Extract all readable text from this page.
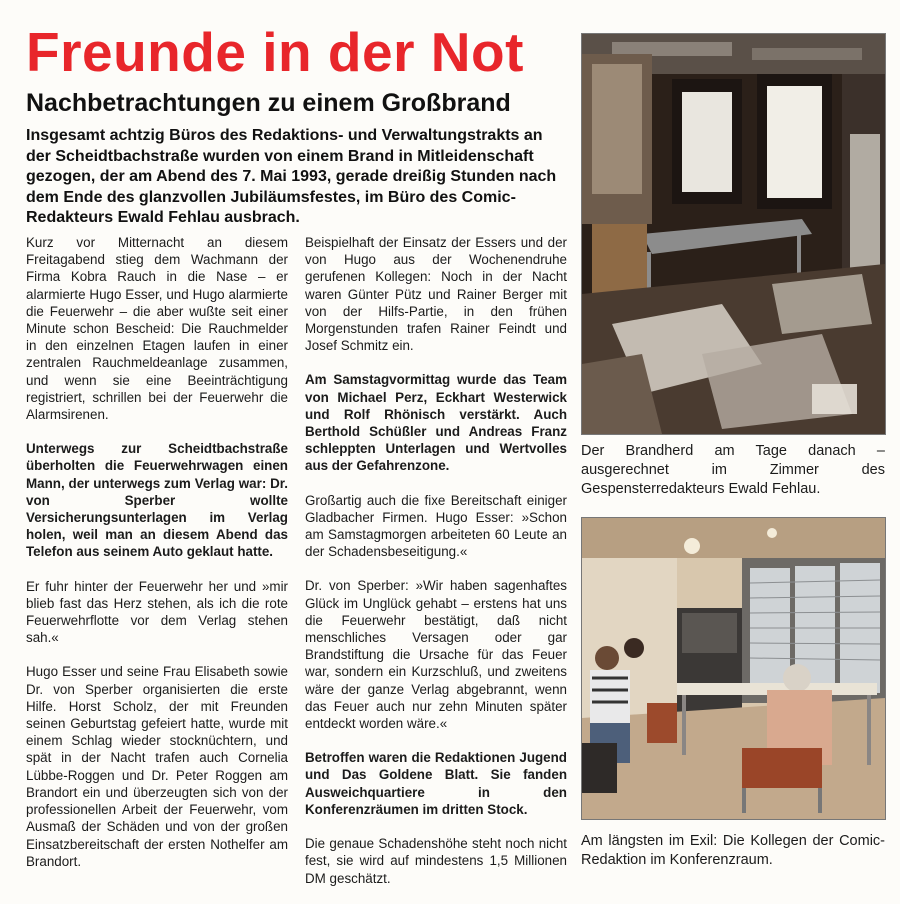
Freunde in der Not
Nachbetrachtungen zu einem Großbrand

Insgesamt achtzig Büros des Redaktions- und Verwaltungstrakts an der Scheidtbachstraße wurden von einem Brand in Mitleidenschaft gezogen, der am Abend des 7. Mai 1993, gerade dreißig Stunden nach dem Ende des glanzvollen Jubiläumsfestes, im Büro des Comic-Redakteurs Ewald Fehlau ausbrach.

Kurz vor Mitternacht an diesem Freitagabend stieg dem Wachmann der Firma Kobra Rauch in die Nase – er alarmierte Hugo Esser, und Hugo alarmierte die Feuerwehr – die aber wußte seit einer Minute schon Bescheid: Die Rauchmelder in den einzelnen Etagen laufen in einer zentralen Rauchmeldeanlage zusammen, und wenn sie eine Beeinträchtigung registriert, schrillen bei der Feuerwehr die Alarmsirenen.

Unterwegs zur Scheidtbachstraße überholten die Feuerwehrwagen einen Mann, der unterwegs zum Verlag war: Dr. von Sperber wollte Versicherungsunterlagen im Verlag holen, weil man an diesem Abend das Telefon aus seinem Auto geklaut hatte.

Er fuhr hinter der Feuerwehr her und »mir blieb fast das Herz stehen, als ich die rote Feuerwehrflotte vor dem Verlag stehen sah.«

Hugo Esser und seine Frau Elisabeth sowie Dr. von Sperber organisierten die erste Hilfe. Horst Scholz, der mit Freunden seinen Geburtstag gefeiert hatte, wurde mit einem Schlag wieder stocknüchtern, und spät in der Nacht trafen auch Cornelia Lübbe-Roggen und Dr. Peter Roggen am Brandort ein und überzeugten sich von der professionellen Arbeit der Feuerwehr, vom Ausmaß der Schäden und von der großen Einsatzbereitschaft der ersten Nothelfer am Brandort.

Beispielhaft der Einsatz der Essers und der von Hugo aus der Wochenendruhe gerufenen Kollegen: Noch in der Nacht waren Günter Pütz und Rainer Berger mit von der Hilfs-Partie, in den frühen Morgenstunden trafen Rainer Feindt und Josef Schmitz ein.

Am Samstagvormittag wurde das Team von Michael Perz, Eckhart Westerwick und Rolf Rhönisch verstärkt. Auch Berthold Schüßler und Andreas Franz schleppten Unterlagen und Wertvolles aus der Gefahrenzone.

Großartig auch die fixe Bereitschaft einiger Gladbacher Firmen. Hugo Esser: »Schon am Samstagmorgen arbeiteten 60 Leute an der Schadensbeseitigung.«

Dr. von Sperber: »Wir haben sagenhaftes Glück im Unglück gehabt – erstens hat uns die Feuerwehr bestätigt, daß nicht menschliches Versagen oder gar Brandstiftung die Ursache für das Feuer war, sondern ein Kurzschluß, und zweitens wäre der ganze Verlag abgebrannt, wenn das Feuer auch nur zehn Minuten später entdeckt worden wäre.«

Betroffen waren die Redaktionen Jugend und Das Goldene Blatt. Sie fanden Ausweichquartiere in den Konferenzräumen im dritten Stock.

Die genaue Schadenshöhe steht noch nicht fest, sie wird auf mindestens 1,5 Millionen DM geschätzt.

Der Brandherd am Tage danach – ausgerechnet im Zimmer des Gespensterredakteurs Ewald Fehlau.
Am längsten im Exil: Die Kollegen der Comic-Redaktion im Konferenzraum.
